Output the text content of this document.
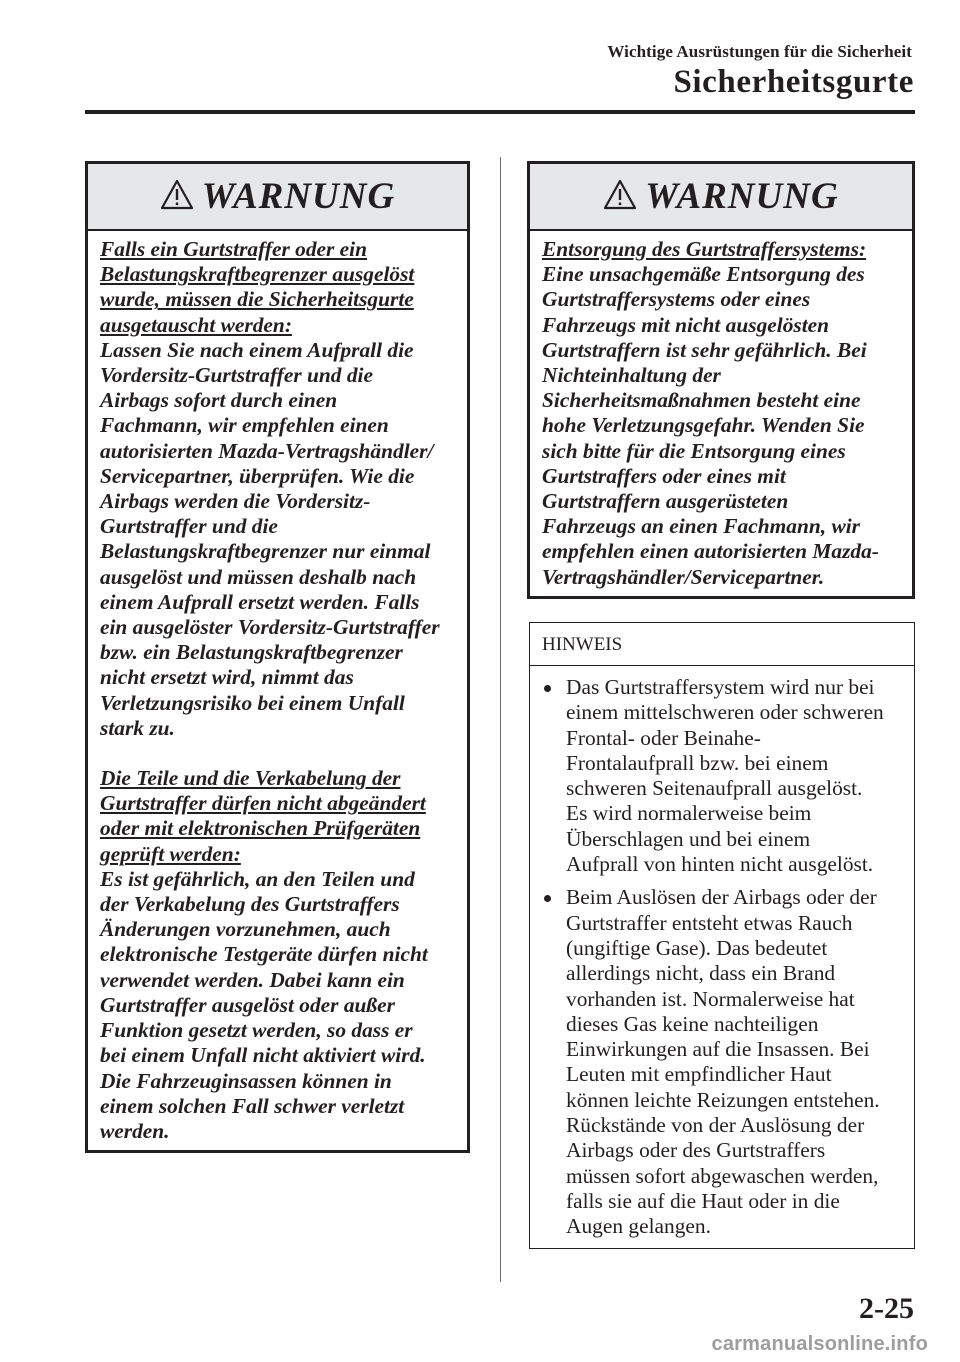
Wichtige Ausrüstungen für die Sicherheit
Sicherheitsgurte
WARNUNG
Falls ein Gurtstraffer oder ein
Belastungskraftbegrenzer ausgelöst
wurde, müssen die Sicherheitsgurte
ausgetauscht werden:
Lassen Sie nach einem Aufprall die
Vordersitz-Gurtstraffer und die
Airbags sofort durch einen
Fachmann, wir empfehlen einen
autorisierten Mazda-Vertragshändler/
Servicepartner, überprüfen. Wie die
Airbags werden die Vordersitz-
Gurtstraffer und die
Belastungskraftbegrenzer nur einmal
ausgelöst und müssen deshalb nach
einem Aufprall ersetzt werden. Falls
ein ausgelöster Vordersitz-Gurtstraffer
bzw. ein Belastungskraftbegrenzer
nicht ersetzt wird, nimmt das
Verletzungsrisiko bei einem Unfall
stark zu.
Die Teile und die Verkabelung der
Gurtstraffer dürfen nicht abgeändert
oder mit elektronischen Prüfgeräten
geprüft werden:
Es ist gefährlich, an den Teilen und
der Verkabelung des Gurtstraffers
Änderungen vorzunehmen, auch
elektronische Testgeräte dürfen nicht
verwendet werden. Dabei kann ein
Gurtstraffer ausgelöst oder außer
Funktion gesetzt werden, so dass er
bei einem Unfall nicht aktiviert wird.
Die Fahrzeuginsassen können in
einem solchen Fall schwer verletzt
werden.
WARNUNG
Entsorgung des Gurtstraffersystems:
Eine unsachgemäße Entsorgung des
Gurtstraffersystems oder eines
Fahrzeugs mit nicht ausgelösten
Gurtstraffern ist sehr gefährlich. Bei
Nichteinhaltung der
Sicherheitsmaßnahmen besteht eine
hohe Verletzungsgefahr. Wenden Sie
sich bitte für die Entsorgung eines
Gurtstraffers oder eines mit
Gurtstraffern ausgerüsteten
Fahrzeugs an einen Fachmann, wir
empfehlen einen autorisierten Mazda-
Vertragshändler/Servicepartner.
HINWEIS
Das Gurtstraffersystem wird nur bei
einem mittelschweren oder schweren
Frontal- oder Beinahe-
Frontalaufprall bzw. bei einem
schweren Seitenaufprall ausgelöst.
Es wird normalerweise beim
Überschlagen und bei einem
Aufprall von hinten nicht ausgelöst.
Beim Auslösen der Airbags oder der
Gurtstraffer entsteht etwas Rauch
(ungiftige Gase). Das bedeutet
allerdings nicht, dass ein Brand
vorhanden ist. Normalerweise hat
dieses Gas keine nachteiligen
Einwirkungen auf die Insassen. Bei
Leuten mit empfindlicher Haut
können leichte Reizungen entstehen.
Rückstände von der Auslösung der
Airbags oder des Gurtstraffers
müssen sofort abgewaschen werden,
falls sie auf die Haut oder in die
Augen gelangen.
2-25
carmanualsonline.info
